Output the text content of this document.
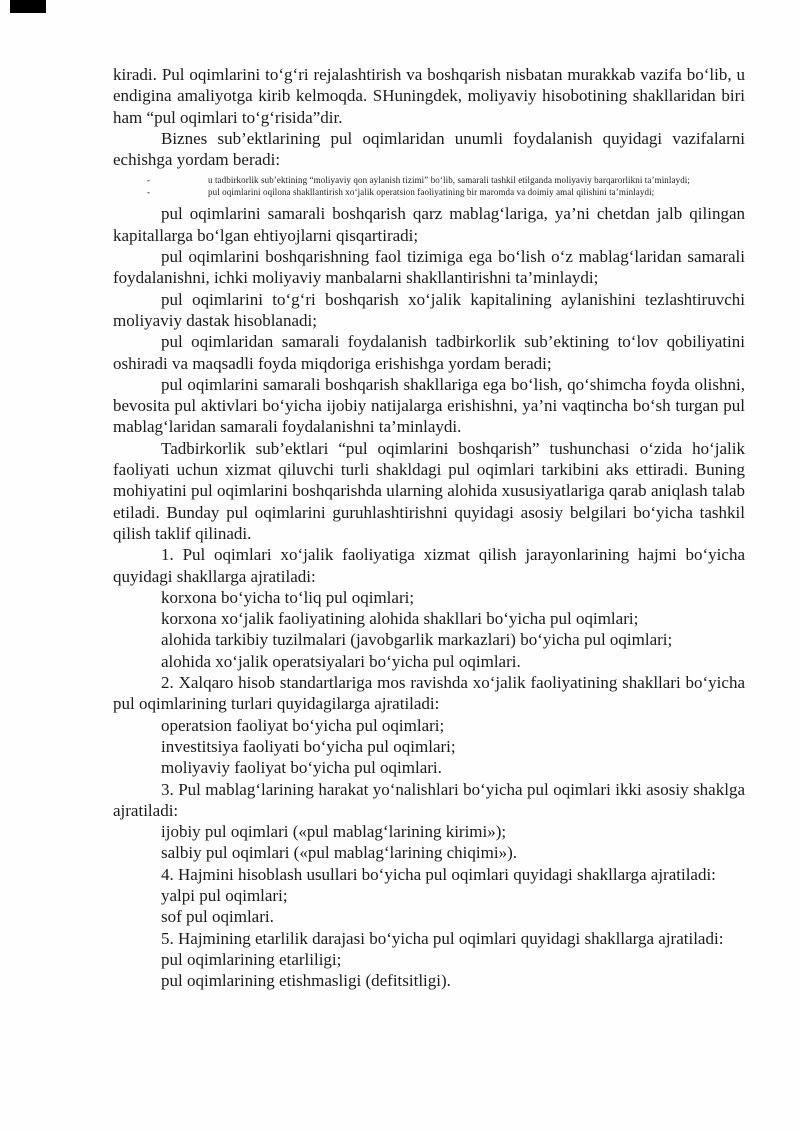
kiradi. Pul oqimlarini to‘g‘ri rejalashtirish va boshqarish nisbatan murakkab vazifa bo‘lib, u endigina amaliyotga kirib kelmoqda. SHuningdek, moliyaviy hisobotining shakllaridan biri ham “pul oqimlari to‘g‘risida”dir.
Biznes sub’ektlarining pul oqimlaridan unumli foydalanish quyidagi vazifalarni echishga yordam beradi:
-	u tadbirkorlik sub’ektining “moliyaviy qon aylanish tizimi” bo‘lib, samarali tashkil etilganda moliyaviy barqarorlikni ta’minlaydi;
-	pul oqimlarini oqilona shakllantirish xo‘jalik operatsion faoliyatining bir maromda va doimiy amal qilishini ta’minlaydi;
pul oqimlarini samarali boshqarish qarz mablag‘lariga, ya’ni chetdan jalb qilingan kapitallarga bo‘lgan ehtiyojlarni qisqartiradi;
pul oqimlarini boshqarishning faol tizimiga ega bo‘lish o‘z mablag‘laridan samarali foydalanishni, ichki moliyaviy manbalarni shakllantirishni ta’minlaydi;
pul oqimlarini to‘g‘ri boshqarish xo‘jalik kapitalining aylanishini tezlashtiruvchi moliyaviy dastak hisoblanadi;
pul oqimlaridan samarali foydalanish tadbirkorlik sub’ektining to‘lov qobiliyatini oshiradi va maqsadli foyda miqdoriga erishishga yordam beradi;
pul oqimlarini samarali boshqarish shakllariga ega bo‘lish, qo‘shimcha foyda olishni, bevosita pul aktivlari bo‘yicha ijobiy natijalarga erishishni, ya’ni vaqtincha bo‘sh turgan pul mablag‘laridan samarali foydalanishni ta’minlaydi.
Tadbirkorlik sub’ektlari “pul oqimlarini boshqarish” tushunchasi o‘zida ho‘jalik faoliyati uchun xizmat qiluvchi turli shakldagi pul oqimlari tarkibini aks ettiradi. Buning mohiyatini pul oqimlarini boshqarishda ularning alohida xususiyatlariga qarab aniqlash talab etiladi. Bunday pul oqimlarini guruhlashtirishni quyidagi asosiy belgilari bo‘yicha tashkil qilish taklif qilinadi.
1. Pul oqimlari xo‘jalik faoliyatiga xizmat qilish jarayonlarining hajmi bo‘yicha quyidagi shakllarga ajratiladi:
korxona bo‘yicha to‘liq pul oqimlari;
korxona xo‘jalik faoliyatining alohida shakllari bo‘yicha pul oqimlari;
alohida tarkibiy tuzilmalari (javobgarlik markazlari) bo‘yicha pul oqimlari;
alohida xo‘jalik operatsiyalari bo‘yicha pul oqimlari.
2. Xalqaro hisob standartlariga mos ravishda xo‘jalik faoliyatining shakllari bo‘yicha pul oqimlarining turlari quyidagilarga ajratiladi:
operatsion faoliyat bo‘yicha pul oqimlari;
investitsiya faoliyati bo‘yicha pul oqimlari;
moliyaviy faoliyat bo‘yicha pul oqimlari.
3. Pul mablag‘larining harakat yo‘nalishlari bo‘yicha pul oqimlari ikki asosiy shaklga ajratiladi:
ijobiy pul oqimlari («pul mablag‘larining kirimi»);
salbiy pul oqimlari («pul mablag‘larining chiqimi»).
4. Hajmini hisoblash usullari bo‘yicha pul oqimlari quyidagi shakllarga ajratiladi:
yalpi pul oqimlari;
sof pul oqimlari.
5. Hajmining etarlilik darajasi bo‘yicha pul oqimlari quyidagi shakllarga ajratiladi:
pul oqimlarining etarliligi;
pul oqimlarining etishmasligi (defitsitligi).
